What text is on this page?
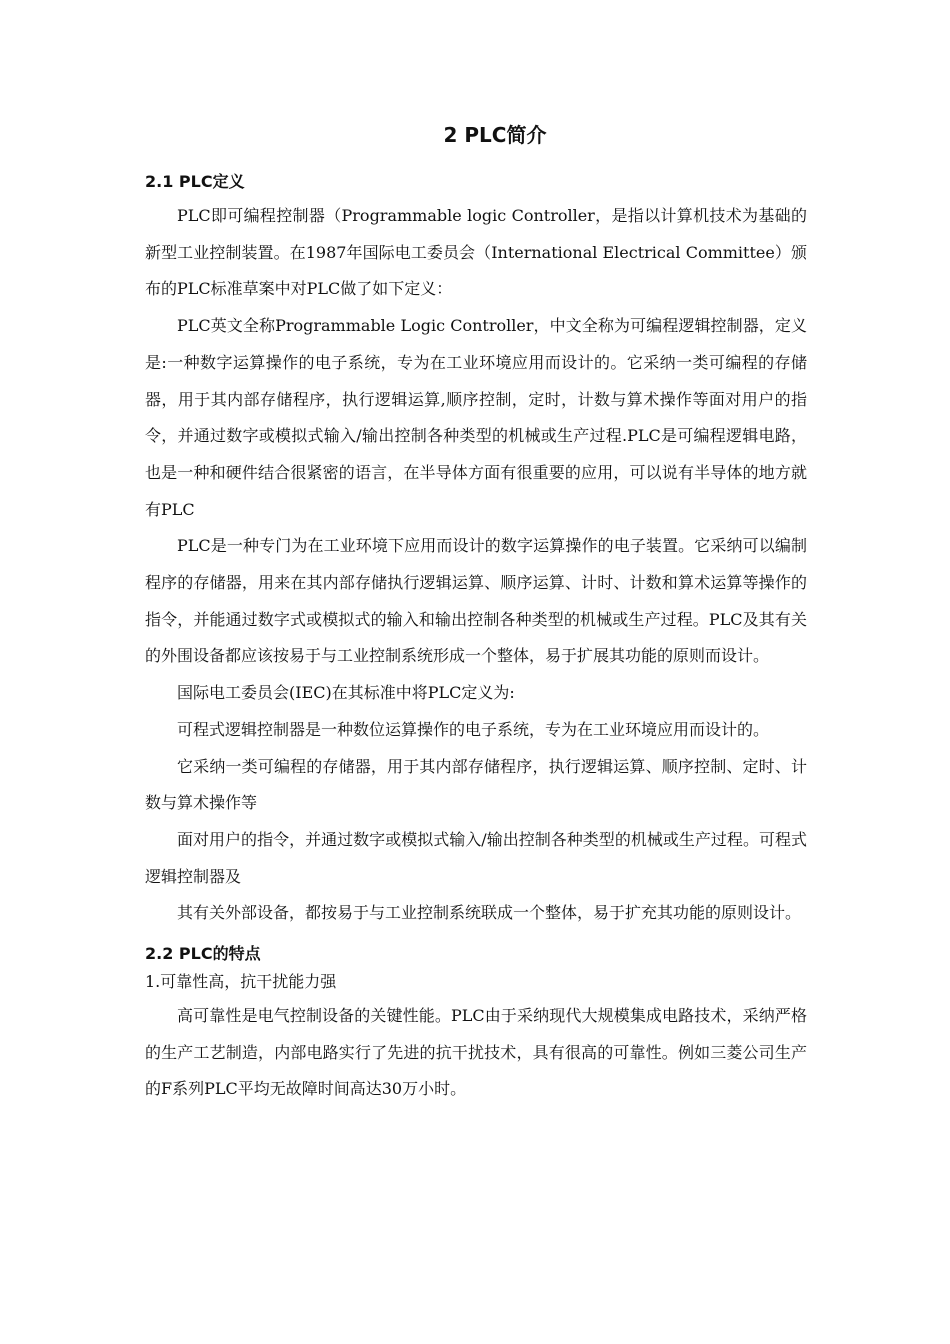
2 PLC简介
2.1 PLC定义

PLC即可编程控制器（Programmable logic Controller，是指以计算机技术为基础的新型工业控制装置。在1987年国际电工委员会（International Electrical Committee）颁布的PLC标准草案中对PLC做了如下定义：

PLC英文全称Programmable Logic Controller，中文全称为可编程逻辑控制器，定义是:一种数字运算操作的电子系统，专为在工业环境应用而设计的。它采纳一类可编程的存储器，用于其内部存储程序，执行逻辑运算,顺序控制，定时，计数与算术操作等面对用户的指令，并通过数字或模拟式输入/输出控制各种类型的机械或生产过程.PLC是可编程逻辑电路，也是一种和硬件结合很紧密的语言，在半导体方面有很重要的应用，可以说有半导体的地方就有PLC

PLC是一种专门为在工业环境下应用而设计的数字运算操作的电子装置。它采纳可以编制程序的存储器，用来在其内部存储执行逻辑运算、顺序运算、计时、计数和算术运算等操作的指令，并能通过数字式或模拟式的输入和输出控制各种类型的机械或生产过程。PLC及其有关的外围设备都应该按易于与工业控制系统形成一个整体，易于扩展其功能的原则而设计。

国际电工委员会(IEC)在其标准中将PLC定义为:

可程式逻辑控制器是一种数位运算操作的电子系统，专为在工业环境应用而设计的。

它采纳一类可编程的存储器，用于其内部存储程序，执行逻辑运算、顺序控制、定时、计数与算术操作等

面对用户的指令，并通过数字或模拟式输入/输出控制各种类型的机械或生产过程。可程式逻辑控制器及

其有关外部设备，都按易于与工业控制系统联成一个整体，易于扩充其功能的原则设计。

2.2 PLC的特点
1.可靠性高，抗干扰能力强

高可靠性是电气控制设备的关键性能。PLC由于采纳现代大规模集成电路技术，采纳严格的生产工艺制造，内部电路实行了先进的抗干扰技术，具有很高的可靠性。例如三菱公司生产的F系列PLC平均无故障时间高达30万小时。
